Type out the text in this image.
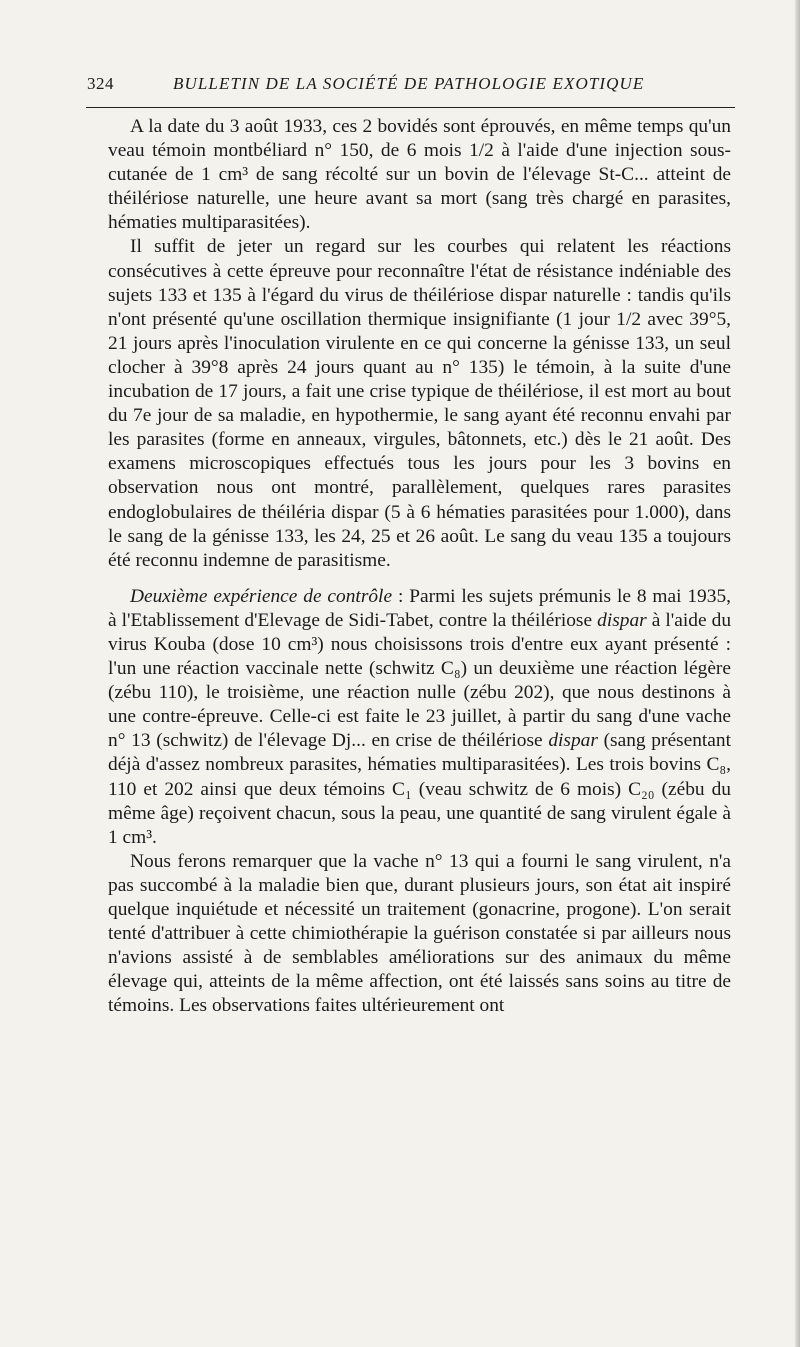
324	BULLETIN DE LA SOCIÉTÉ DE PATHOLOGIE EXOTIQUE

A la date du 3 août 1933, ces 2 bovidés sont éprouvés, en même temps qu'un veau témoin montbéliard n° 150, de 6 mois 1/2 à l'aide d'une injection sous-cutanée de 1 cm³ de sang récolté sur un bovin de l'élevage St-C... atteint de théilériose naturelle, une heure avant sa mort (sang très chargé en parasites, hématies multiparasitées).

Il suffit de jeter un regard sur les courbes qui relatent les réactions consécutives à cette épreuve pour reconnaître l'état de résistance indéniable des sujets 133 et 135 à l'égard du virus de théilériose dispar naturelle : tandis qu'ils n'ont présenté qu'une oscillation thermique insignifiante (1 jour 1/2 avec 39°5, 21 jours après l'inoculation virulente en ce qui concerne la génisse 133, un seul clocher à 39°8 après 24 jours quant au n° 135) le témoin, à la suite d'une incubation de 17 jours, a fait une crise typique de théilériose, il est mort au bout du 7e jour de sa maladie, en hypothermie, le sang ayant été reconnu envahi par les parasites (forme en anneaux, virgules, bâtonnets, etc.) dès le 21 août. Des examens microscopiques effectués tous les jours pour les 3 bovins en observation nous ont montré, parallèlement, quelques rares parasites endoglobulaires de théiléria dispar (5 à 6 hématies parasitées pour 1.000), dans le sang de la génisse 133, les 24, 25 et 26 août. Le sang du veau 135 a toujours été reconnu indemne de parasitisme.

Deuxième expérience de contrôle : Parmi les sujets prémunis le 8 mai 1935, à l'Etablissement d'Elevage de Sidi-Tabet, contre la théilériose dispar à l'aide du virus Kouba (dose 10 cm³) nous choisissons trois d'entre eux ayant présenté : l'un une réaction vaccinale nette (schwitz C₈) un deuxième une réaction légère (zébu 110), le troisième, une réaction nulle (zébu 202), que nous destinons à une contre-épreuve. Celle-ci est faite le 23 juillet, à partir du sang d'une vache n° 13 (schwitz) de l'élevage Dj... en crise de théilériose dispar (sang présentant déjà d'assez nombreux parasites, hématies multiparasitées). Les trois bovins C₈, 110 et 202 ainsi que deux témoins C₁ (veau schwitz de 6 mois) C₂₀ (zébu du même âge) reçoivent chacun, sous la peau, une quantité de sang virulent égale à 1 cm³.

Nous ferons remarquer que la vache n° 13 qui a fourni le sang virulent, n'a pas succombé à la maladie bien que, durant plusieurs jours, son état ait inspiré quelque inquiétude et nécessité un traitement (gonacrine, progone). L'on serait tenté d'attribuer à cette chimiothérapie la guérison constatée si par ailleurs nous n'avions assisté à de semblables améliorations sur des animaux du même élevage qui, atteints de la même affection, ont été laissés sans soins au titre de témoins. Les observations faites ultérieurement ont
